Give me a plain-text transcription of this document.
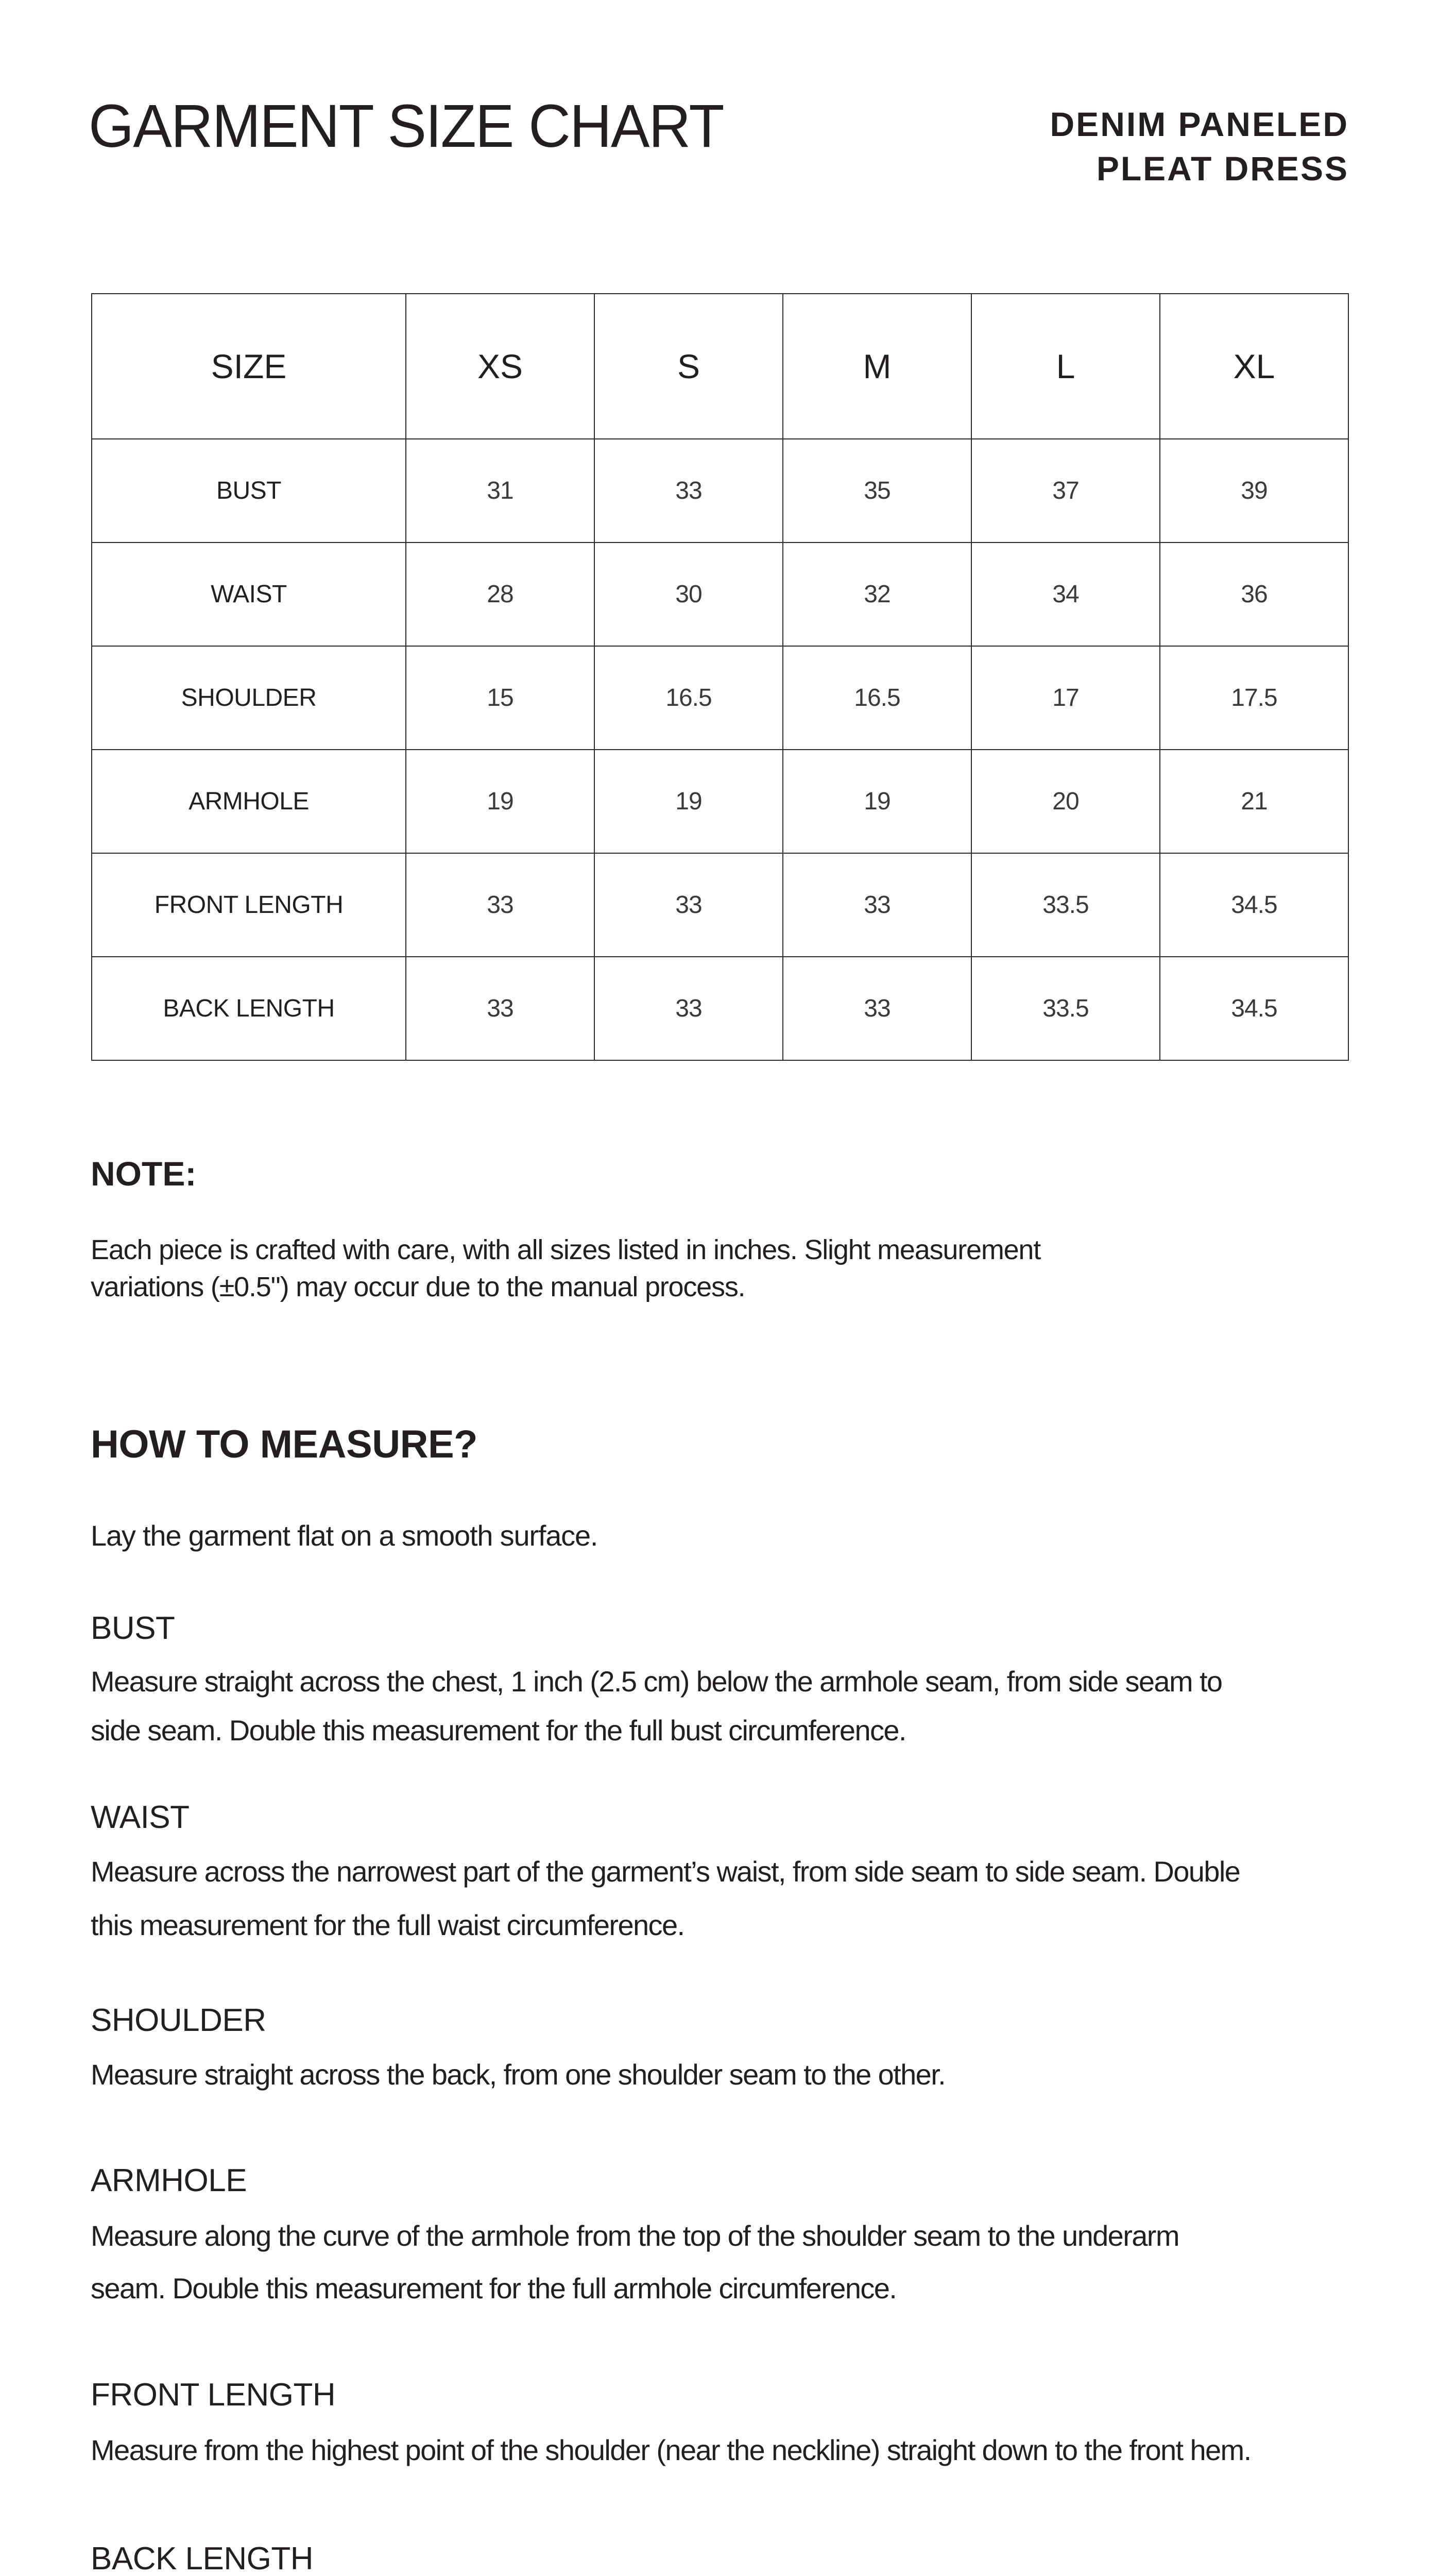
GARMENT SIZE CHART	DENIM PANELED
PLEAT DRESS
SIZE	XS	S	M	L	XL
BUST	31	33	35	37	39
WAIST	28	30	32	34	36
SHOULDER	15	16.5	16.5	17	17.5
ARMHOLE	19	19	19	20	21
FRONT LENGTH	33	33	33	33.5	34.5
BACK LENGTH	33	33	33	33.5	34.5
NOTE:
Each piece is crafted with care, with all sizes listed in inches. Slight measurement
variations (±0.5") may occur due to the manual process.
HOW TO MEASURE?
Lay the garment flat on a smooth surface.
BUST
Measure straight across the chest, 1 inch (2.5 cm) below the armhole seam, from side seam to
side seam. Double this measurement for the full bust circumference.
WAIST
Measure across the narrowest part of the garment’s waist, from side seam to side seam. Double
this measurement for the full waist circumference.
SHOULDER
Measure straight across the back, from one shoulder seam to the other.
ARMHOLE
Measure along the curve of the armhole from the top of the shoulder seam to the underarm
seam. Double this measurement for the full armhole circumference.
FRONT LENGTH
Measure from the highest point of the shoulder (near the neckline) straight down to the front hem.
BACK LENGTH
